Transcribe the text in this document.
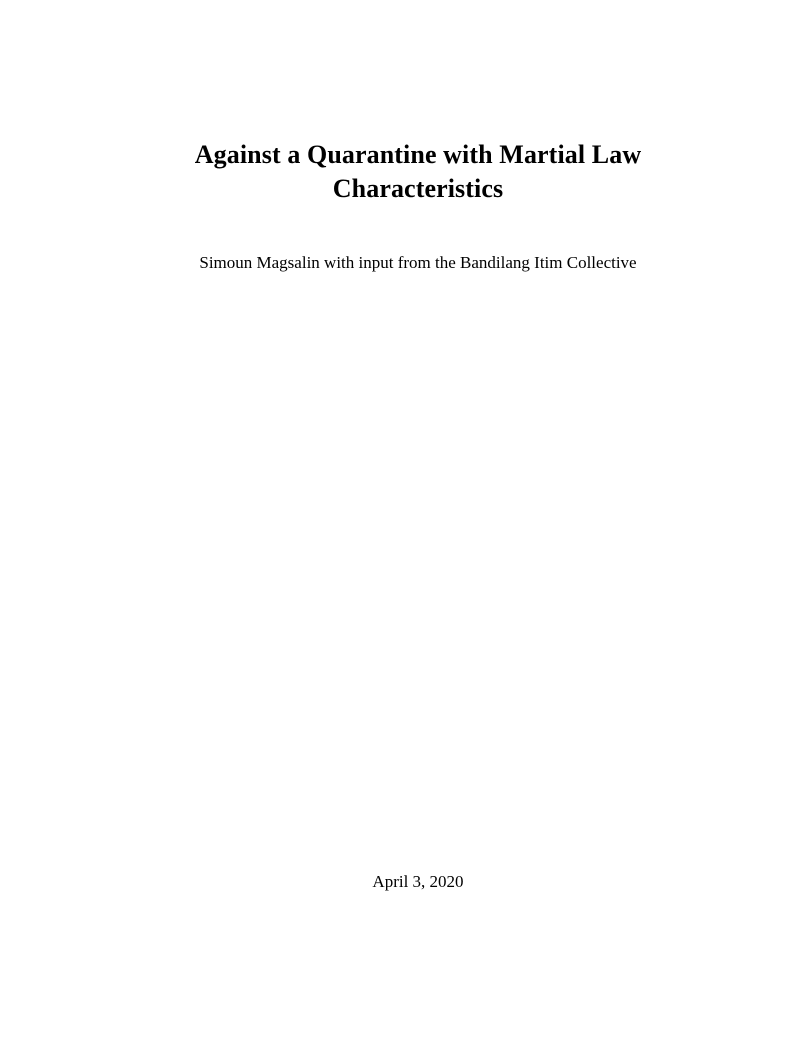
Against a Quarantine with Martial Law
Characteristics
Simoun Magsalin with input from the Bandilang Itim Collective
April 3, 2020
